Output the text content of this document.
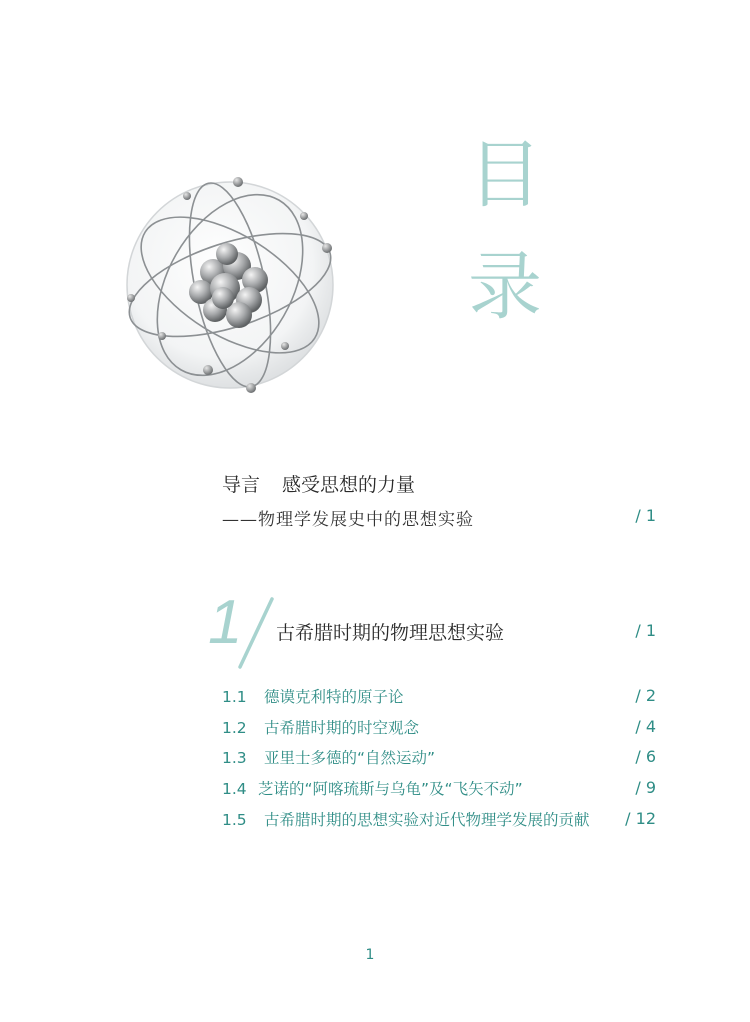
目
录
导言 感受思想的力量
——物理学发展史中的思想实验	/ 1
1 古希腊时期的物理思想实验	/ 1
1.1 德谟克利特的原子论	/ 2
1.2 古希腊时期的时空观念	/ 4
1.3 亚里士多德的“自然运动”	/ 6
1.4 芝诺的“阿喀琉斯与乌龟”及“飞矢不动”	/ 9
1.5 古希腊时期的思想实验对近代物理学发展的贡献 / 12
1
